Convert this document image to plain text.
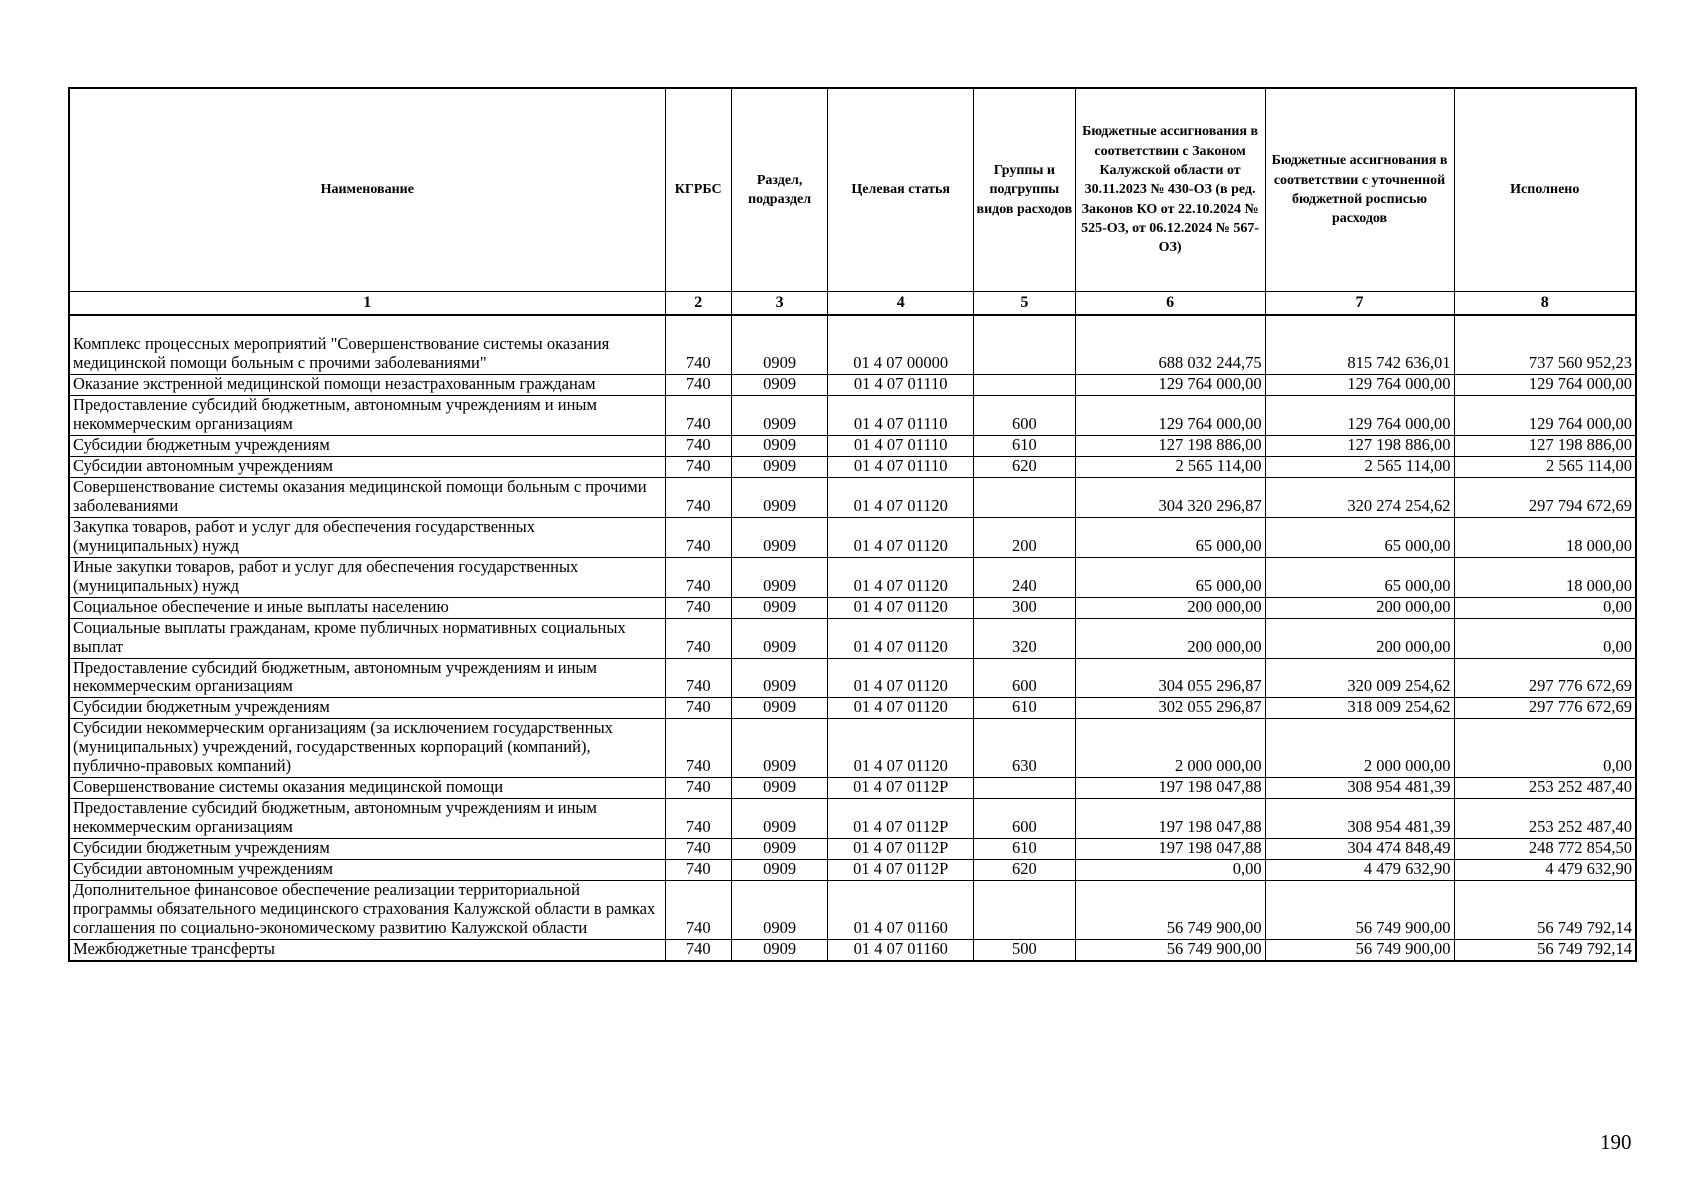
Наименование	КГРБС	Раздел, подраздел	Целевая статья	Группы и подгруппы видов расходов	Бюджетные ассигнования в соответствии с Законом Калужской области от 30.11.2023 № 430-ОЗ (в ред. Законов КО от 22.10.2024 № 525-ОЗ, от 06.12.2024 № 567-ОЗ)	Бюджетные ассигнования в соответствии с уточненной бюджетной росписью расходов	Исполнено
1	2	3	4	5	6	7	8

Комплекс процессных мероприятий "Совершенствование системы оказания медицинской помощи больным с прочими заболеваниями"	740	0909	01 4 07 00000		688 032 244,75	815 742 636,01	737 560 952,23
Оказание экстренной медицинской помощи незастрахованным гражданам	740	0909	01 4 07 01110		129 764 000,00	129 764 000,00	129 764 000,00
Предоставление субсидий бюджетным, автономным учреждениям и иным некоммерческим организациям	740	0909	01 4 07 01110	600	129 764 000,00	129 764 000,00	129 764 000,00
Субсидии бюджетным учреждениям	740	0909	01 4 07 01110	610	127 198 886,00	127 198 886,00	127 198 886,00
Субсидии автономным учреждениям	740	0909	01 4 07 01110	620	2 565 114,00	2 565 114,00	2 565 114,00
Совершенствование системы оказания медицинской помощи больным с прочими заболеваниями	740	0909	01 4 07 01120		304 320 296,87	320 274 254,62	297 794 672,69
Закупка товаров, работ и услуг для обеспечения государственных (муниципальных) нужд	740	0909	01 4 07 01120	200	65 000,00	65 000,00	18 000,00
Иные закупки товаров, работ и услуг для обеспечения государственных (муниципальных) нужд	740	0909	01 4 07 01120	240	65 000,00	65 000,00	18 000,00
Социальное обеспечение и иные выплаты населению	740	0909	01 4 07 01120	300	200 000,00	200 000,00	0,00
Социальные выплаты гражданам, кроме публичных нормативных социальных выплат	740	0909	01 4 07 01120	320	200 000,00	200 000,00	0,00
Предоставление субсидий бюджетным, автономным учреждениям и иным некоммерческим организациям	740	0909	01 4 07 01120	600	304 055 296,87	320 009 254,62	297 776 672,69
Субсидии бюджетным учреждениям	740	0909	01 4 07 01120	610	302 055 296,87	318 009 254,62	297 776 672,69
Субсидии некоммерческим организациям (за исключением государственных (муниципальных) учреждений, государственных корпораций (компаний), публично-правовых компаний)	740	0909	01 4 07 01120	630	2 000 000,00	2 000 000,00	0,00
Совершенствование системы оказания медицинской помощи	740	0909	01 4 07 0112Р		197 198 047,88	308 954 481,39	253 252 487,40
Предоставление субсидий бюджетным, автономным учреждениям и иным некоммерческим организациям	740	0909	01 4 07 0112Р	600	197 198 047,88	308 954 481,39	253 252 487,40
Субсидии бюджетным учреждениям	740	0909	01 4 07 0112Р	610	197 198 047,88	304 474 848,49	248 772 854,50
Субсидии автономным учреждениям	740	0909	01 4 07 0112Р	620	0,00	4 479 632,90	4 479 632,90
Дополнительное финансовое обеспечение реализации территориальной программы обязательного медицинского страхования Калужской области в рамках соглашения по социально-экономическому развитию Калужской области	740	0909	01 4 07 01160		56 749 900,00	56 749 900,00	56 749 792,14
Межбюджетные трансферты	740	0909	01 4 07 01160	500	56 749 900,00	56 749 900,00	56 749 792,14
190
